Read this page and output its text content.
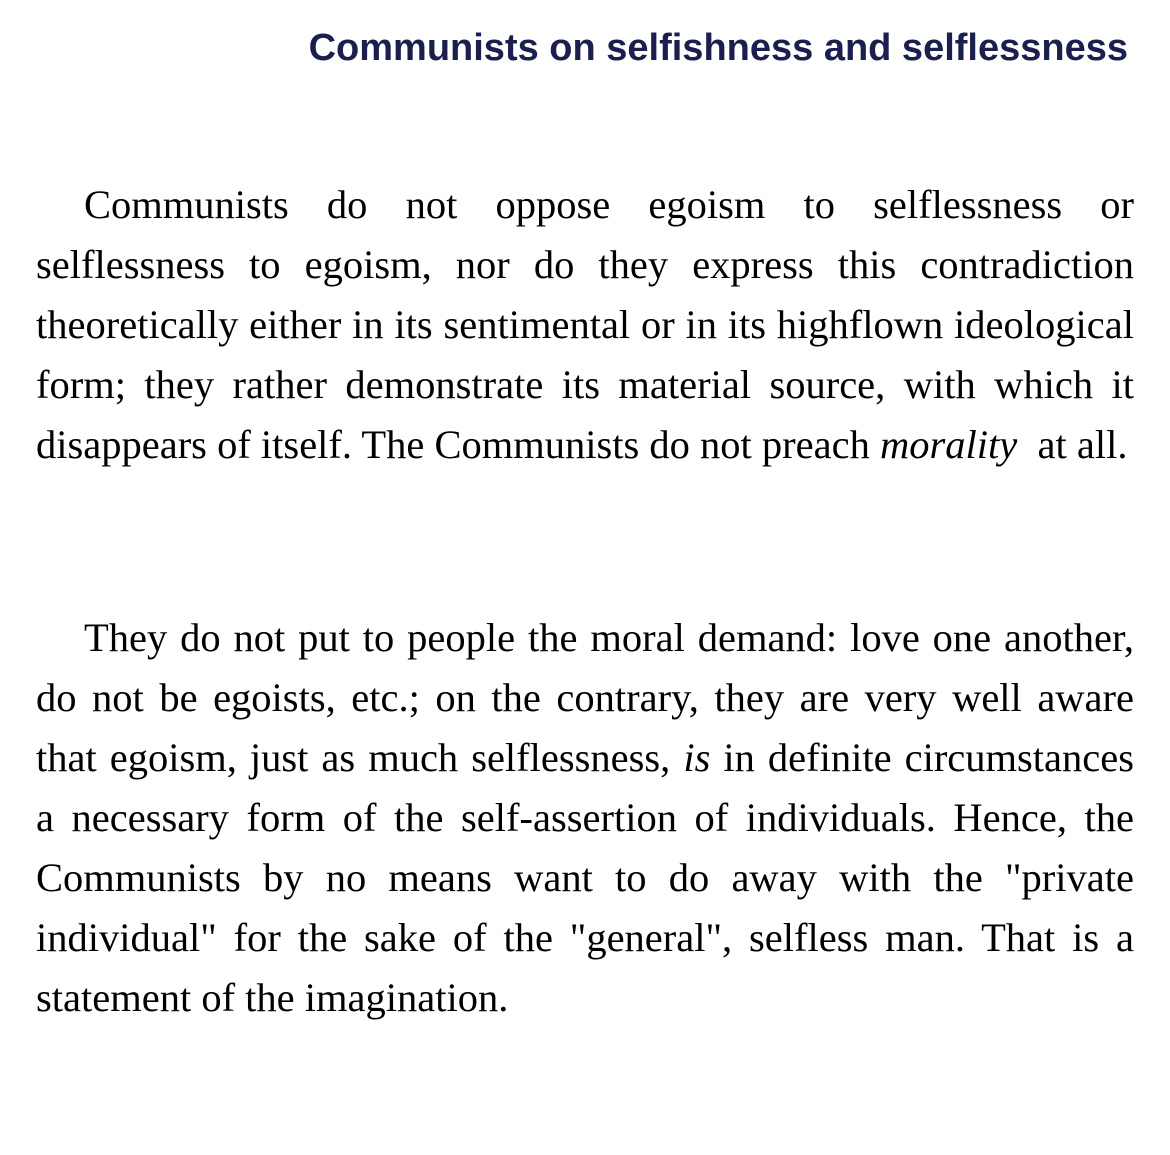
Communists on selfishness and selflessness

Communists do not oppose egoism to selflessness or selflessness to egoism, nor do they express this contradiction theoretically either in its sentimental or in its highflown ideological form; they rather demonstrate its material source, with which it disappears of itself. The Communists do not preach morality  at all.

They do not put to people the moral demand: love one another, do not be egoists, etc.; on the contrary, they are very well aware that egoism, just as much selflessness, is in definite circumstances a necessary form of the self-assertion of individuals. Hence, the Communists by no means want to do away with the "private individual" for the sake of the "general", selfless man. That is a statement of the imagination.
